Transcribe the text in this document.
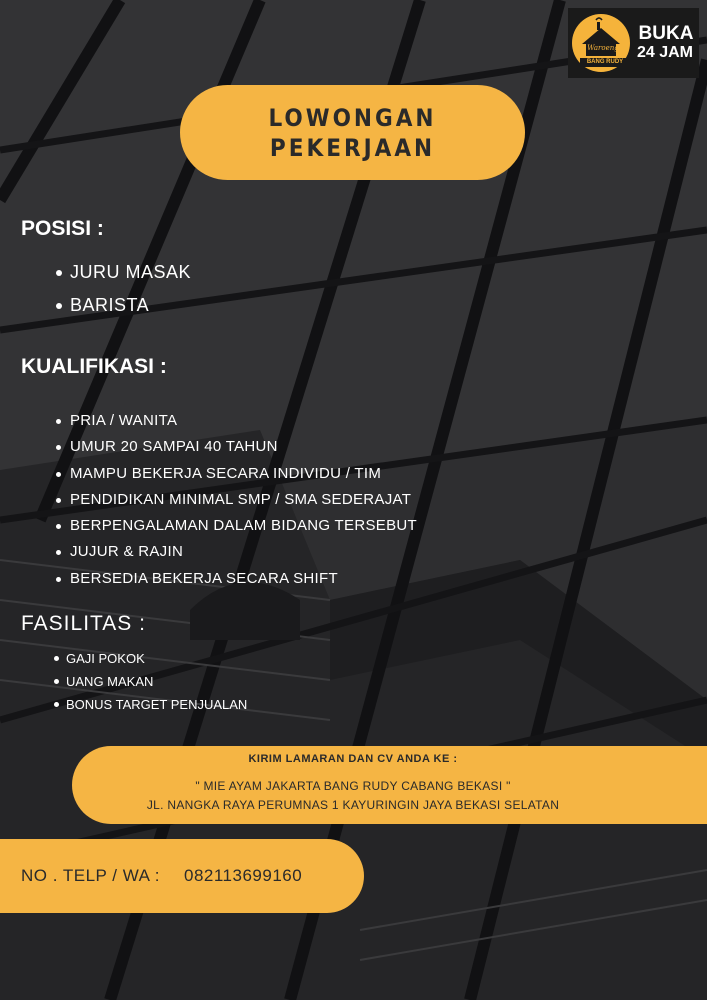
Waroeng
BANG RUDY
BUKA
24 JAM
LOWONGAN
PEKERJAAN
POSISI :
JURU MASAK
BARISTA
KUALIFIKASI :
PRIA / WANITA
UMUR 20 SAMPAI 40 TAHUN
MAMPU BEKERJA SECARA INDIVIDU / TIM
PENDIDIKAN MINIMAL SMP / SMA SEDERAJAT
BERPENGALAMAN DALAM BIDANG TERSEBUT
JUJUR & RAJIN
BERSEDIA BEKERJA SECARA SHIFT
FASILITAS :
GAJI POKOK
UANG MAKAN
BONUS TARGET PENJUALAN
KIRIM LAMARAN DAN CV ANDA KE :
" MIE AYAM JAKARTA BANG RUDY CABANG BEKASI "
JL. NANGKA RAYA PERUMNAS 1 KAYURINGIN JAYA BEKASI SELATAN
NO . TELP / WA : 082113699160
